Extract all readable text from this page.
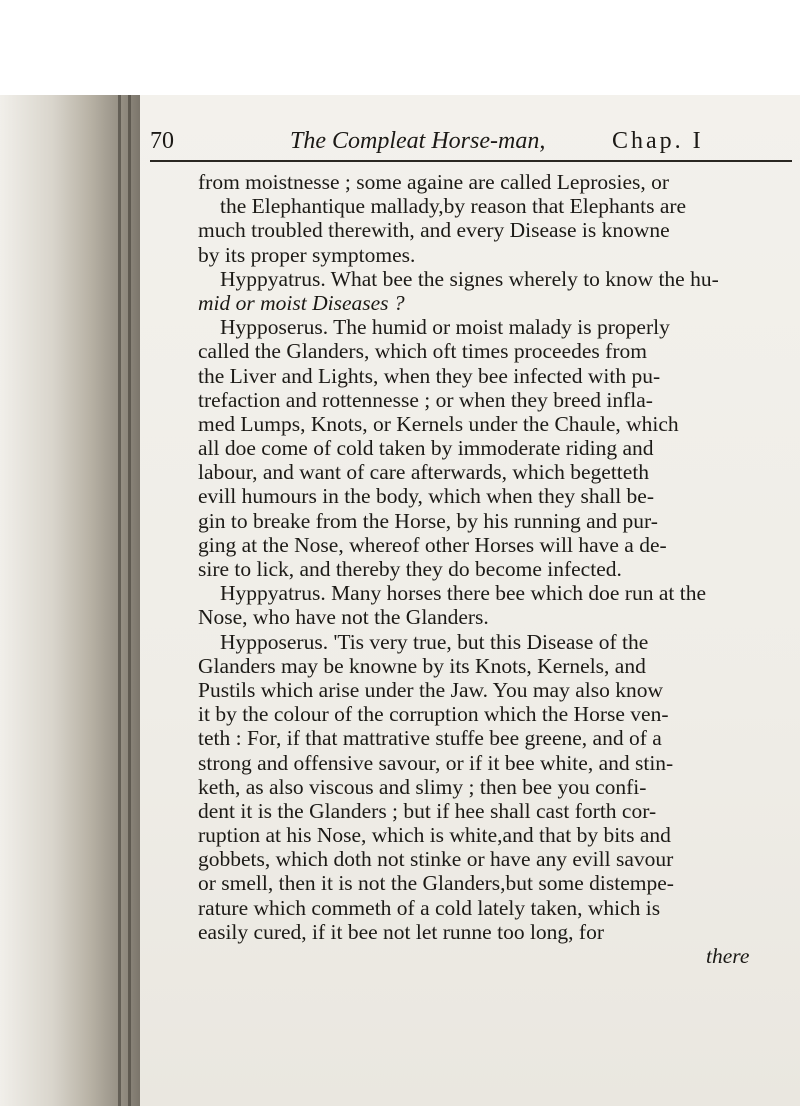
70	The Compleat Horse-man,	Chap. I
from moistnesse ; some againe are called Leprosies, or
the Elephantique mallady,by reason that Elephants are
much troubled therewith, and every Disease is knowne
by its proper symptomes.
Hyppyatrus. What bee the signes wherely to know the hu-
mid or moist Diseases ?
Hypposerus. The humid or moist malady is properly
called the Glanders, which oft times proceedes from
the Liver and Lights, when they bee infected with pu-
trefaction and rottennesse ; or when they breed infla-
med Lumps, Knots, or Kernels under the Chaule, which
all doe come of cold taken by immoderate riding and
labour, and want of care afterwards, which begetteth
evill humours in the body, which when they shall be-
gin to breake from the Horse, by his running and pur-
ging at the Nose, whereof other Horses will have a de-
sire to lick, and thereby they do become infected.
Hyppyatrus. Many horses there bee which doe run at the
Nose, who have not the Glanders.
Hypposerus. 'Tis very true, but this Disease of the
Glanders may be knowne by its Knots, Kernels, and
Pustils which arise under the Jaw. You may also know
it by the colour of the corruption which the Horse ven-
teth : For, if that mattrative stuffe bee greene, and of a
strong and offensive savour, or if it bee white, and stin-
keth, as also viscous and slimy ; then bee you confi-
dent it is the Glanders ; but if hee shall cast forth cor-
ruption at his Nose, which is white,and that by bits and
gobbets, which doth not stinke or have any evill savour
or smell, then it is not the Glanders,but some distempe-
rature which commeth of a cold lately taken, which is
easily cured, if it bee not let runne too long, for
there
